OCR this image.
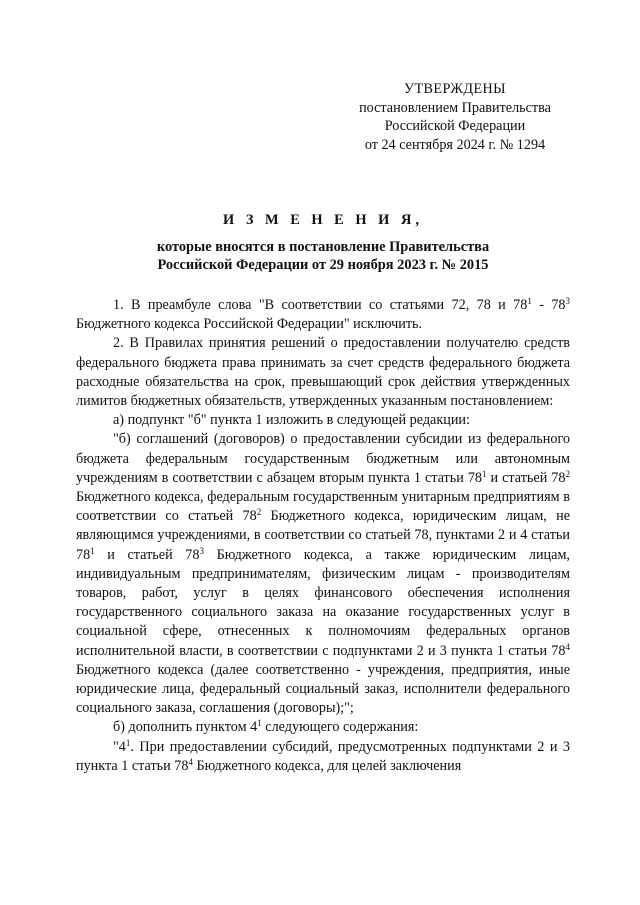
УТВЕРЖДЕНЫ
постановлением Правительства
Российской Федерации
от 24 сентября 2024 г. № 1294
И З М Е Н Е Н И Я,
которые вносятся в постановление Правительства
Российской Федерации от 29 ноября 2023 г. № 2015

1. В преамбуле слова "В соответствии со статьями 72, 78 и $78^1 - 78^3$ Бюджетного кодекса Российской Федерации" исключить.

2. В Правилах принятия решений о предоставлении получателю средств федерального бюджета права принимать за счет средств федерального бюджета расходные обязательства на срок, превышающий срок действия утвержденных лимитов бюджетных обязательств, утвержденных указанным постановлением:

а) подпункт "б" пункта 1 изложить в следующей редакции:

"б) соглашений (договоров) о предоставлении субсидии из федерального бюджета федеральным государственным бюджетным или автономным учреждениям в соответствии с абзацем вторым пункта 1 статьи $78^1$ и статьей $78^2$ Бюджетного кодекса, федеральным государственным унитарным предприятиям в соответствии со статьей $78^2$ Бюджетного кодекса, юридическим лицам, не являющимся учреждениями, в соответствии со статьей 78, пунктами 2 и 4 статьи $78^1$ и статьей $78^3$ Бюджетного кодекса, а также юридическим лицам, индивидуальным предпринимателям, физическим лицам - производителям товаров, работ, услуг в целях финансового обеспечения исполнения государственного социального заказа на оказание государственных услуг в социальной сфере, отнесенных к полномочиям федеральных органов исполнительной власти, в соответствии с подпунктами 2 и 3 пункта 1 статьи $78^4$ Бюджетного кодекса (далее соответственно - учреждения, предприятия, иные юридические лица, федеральный социальный заказ, исполнители федерального социального заказа, соглашения (договоры);";

б) дополнить пунктом $4^1$ следующего содержания:

"$4^1$. При предоставлении субсидий, предусмотренных подпунктами 2 и 3 пункта 1 статьи $78^4$ Бюджетного кодекса, для целей заключения
